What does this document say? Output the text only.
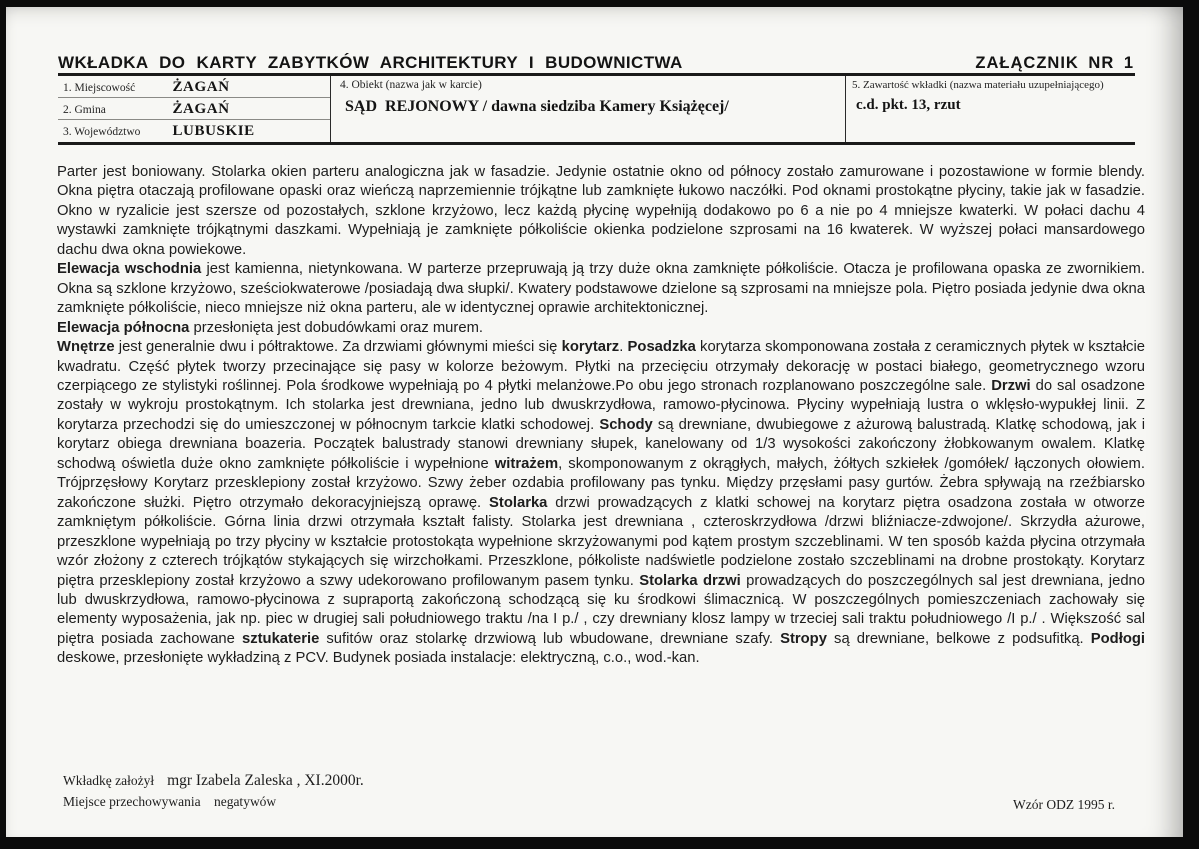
WKŁADKA DO KARTY ZABYTKÓW ARCHITEKTURY I BUDOWNICTWA	ZAŁĄCZNIK NR 1
1. Miejscowość ŻAGAŃ
2. Gmina	ŻAGAŃ
3. Województwo LUBUSKIE
4. Obiekt (nazwa jak w karcie)
SĄD  REJONOWY / dawna siedziba Kamery Książęcej/
5. Zawartość wkładki (nazwa materiału uzupełniającego)
c.d. pkt. 13, rzut

Parter jest boniowany. Stolarka okien parteru analogiczna jak w fasadzie. Jedynie ostatnie okno od północy zostało zamurowane i pozostawione w formie blendy. Okna piętra otaczają profilowane opaski oraz wieńczą naprzemiennie trójkątne lub zamknięte łukowo naczółki. Pod oknami prostokątne płyciny, takie jak w fasadzie. Okno w ryzalicie jest szersze od pozostałych, szklone krzyżowo, lecz każdą płycinę wypełniją dodakowo po 6 a nie po 4 mniejsze kwaterki. W połaci dachu 4 wystawki zamknięte trójkątnymi daszkami. Wypełniają je zamknięte półkoliście okienka podzielone szprosami na 16 kwaterek. W wyższej połaci mansardowego dachu dwa okna powiekowe.

Elewacja wschodnia jest kamienna, nietynkowana. W parterze przepruwają ją trzy duże okna zamknięte półkoliście. Otacza je profilowana opaska ze zwornikiem. Okna są szklone krzyżowo, sześciokwaterowe /posiadają dwa słupki/. Kwatery podstawowe dzielone są szprosami na mniejsze pola. Piętro posiada jedynie dwa okna zamknięte półkoliście, nieco mniejsze niż okna parteru, ale w identycznej oprawie architektonicznej.

Elewacja północna przesłonięta jest dobudówkami oraz murem.

Wnętrze jest generalnie dwu i półtraktowe. Za drzwiami głównymi mieści się korytarz. Posadzka korytarza skomponowana została z ceramicznych płytek w kształcie kwadratu. Część płytek tworzy przecinające się pasy w kolorze beżowym. Płytki na przecięciu otrzymały dekorację w postaci białego, geometrycznego wzoru czerpiącego ze stylistyki roślinnej. Pola środkowe wypełniają po 4 płytki melanżowe.Po obu jego stronach rozplanowano poszczególne sale. Drzwi do sal osadzone zostały w wykroju prostokątnym. Ich stolarka jest drewniana, jedno lub dwuskrzydłowa, ramowo-płycinowa. Płyciny wypełniają lustra o wklęsło-wypukłej linii. Z korytarza przechodzi się do umieszczonej w północnym tarkcie klatki schodowej. Schody są drewniane, dwubiegowe z ażurową balustradą. Klatkę schodową, jak i korytarz obiega drewniana boazeria. Początek balustrady stanowi drewniany słupek, kanelowany od 1/3 wysokości zakończony żłobkowanym owalem. Klatkę schodwą oświetla duże okno zamknięte półkoliście i wypełnione witrażem, skomponowanym z okrągłych, małych, żółtych szkiełek /gomółek/ łączonych ołowiem. Trójprzęsłowy Korytarz przesklepiony został krzyżowo. Szwy żeber ozdabia profilowany pas tynku. Między przęsłami pasy gurtów. Żebra spływają na rzeźbiarsko zakończone służki. Piętro otrzymało dekoracyjniejszą oprawę. Stolarka drzwi prowadzących z klatki schowej na korytarz piętra osadzona została w otworze zamkniętym półkoliście. Górna linia drzwi otrzymała kształt falisty. Stolarka jest drewniana , czteroskrzydłowa /drzwi bliźniacze-zdwojone/. Skrzydła ażurowe, przeszklone wypełniają po trzy płyciny w kształcie protostokąta wypełnione skrzyżowanymi pod kątem prostym szczeblinami. W ten sposób każda płycina otrzymała wzór złożony z czterech trójkątów stykających się wirzchołkami. Przeszklone, półkoliste nadświetle podzielone zostało szczeblinami na drobne prostokąty. Korytarz piętra przesklepiony został krzyżowo a szwy udekorowano profilowanym pasem tynku. Stolarka drzwi prowadzących do poszczególnych sal jest drewniana, jedno lub dwuskrzydłowa, ramowo-płycinowa z supraportą zakończoną schodzącą się ku środkowi ślimacznicą. W poszczególnych pomieszczeniach zachowały się elementy wyposażenia, jak np. piec w drugiej sali południowego traktu /na I p./ , czy drewniany klosz lampy w trzeciej sali traktu południowego /I p./ . Większość sal piętra posiada zachowane sztukaterie sufitów oraz stolarkę drzwiową lub wbudowane, drewniane szafy. Stropy są drewniane, belkowe z podsufitką. Podłogi deskowe, przesłonięte wykładziną z PCV. Budynek posiada instalacje: elektryczną, c.o., wod.-kan.

Wkładkę założył mgr Izabela Zaleska , XI.2000r.
Miejsce przechowywania negatywów	Wzór ODZ 1995 r.
